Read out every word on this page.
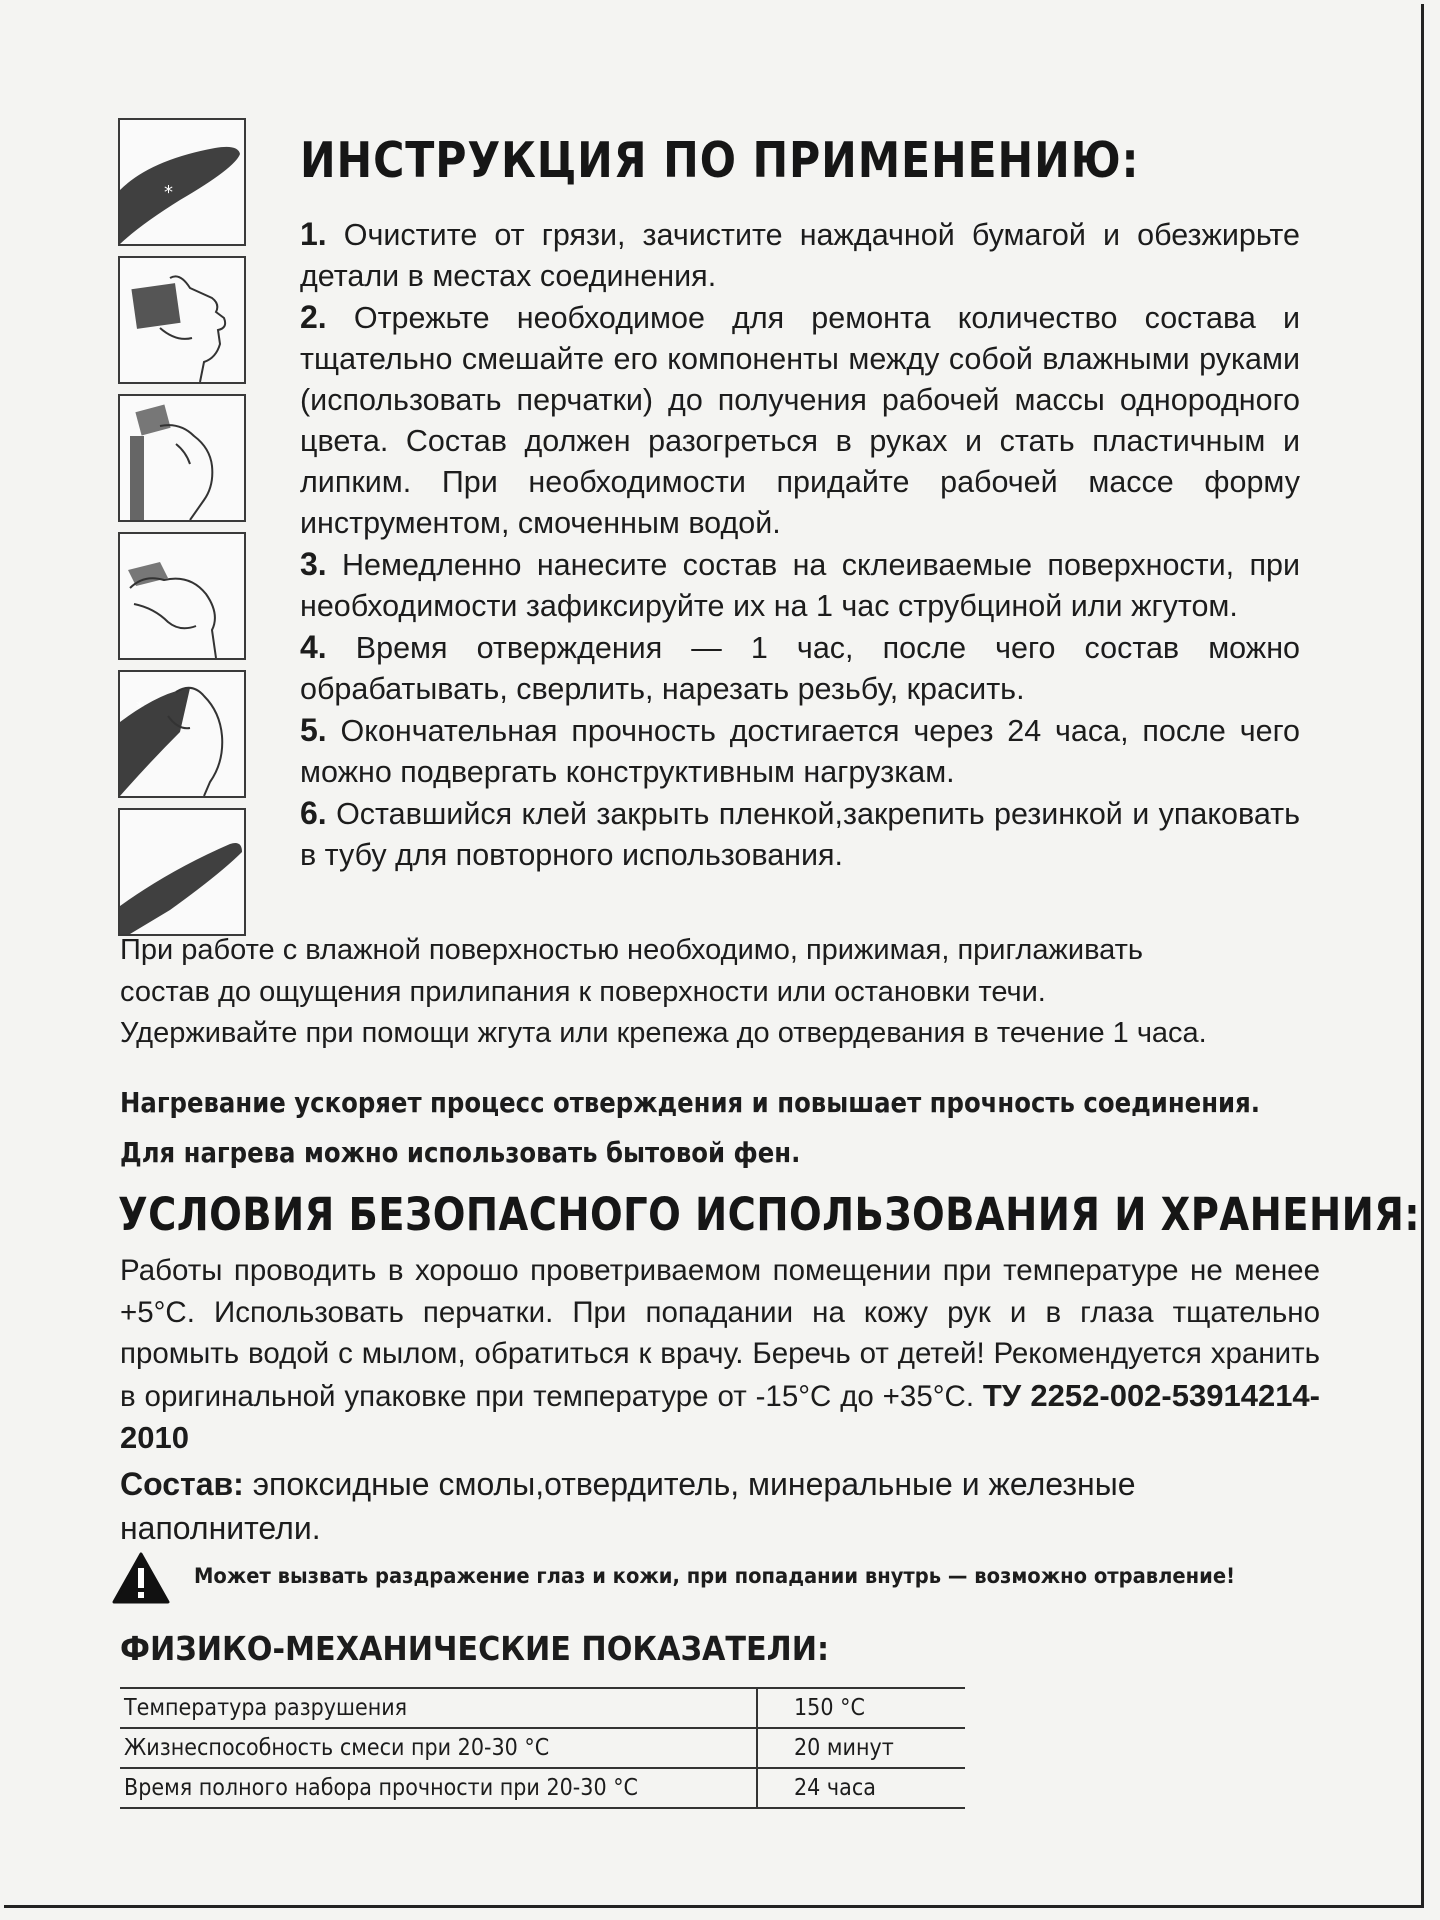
*
*
ИНСТРУКЦИЯ ПО ПРИМЕНЕНИЮ:

1. Очистите от грязи, зачистите наждачной бумагой и обезжирьте детали в местах соединения.

2. Отрежьте необходимое для ремонта количество состава и тщательно смешайте его компоненты между собой влажными руками (использовать перчатки) до получения рабочей массы однородного цвета. Состав должен разогреться в руках и стать пластичным и липким. При необходимости придайте рабочей массе форму инструментом, смоченным водой.

3. Немедленно нанесите состав на склеиваемые поверхности, при необходимости зафиксируйте их на 1 час струбциной или жгутом.

4. Время отверждения — 1 час, после чего состав можно обрабатывать, сверлить, нарезать резьбу, красить.

5. Окончательная прочность достигается через 24 часа, после чего можно подвергать конструктивным нагрузкам.

6. Оставшийся клей закрыть пленкой,закрепить резинкой и упаковать в тубу для повторного использования.

При работе с влажной поверхностью необходимо, прижимая, приглаживать

состав до ощущения прилипания к поверхности или остановки течи.

Удерживайте при помощи жгута или крепежа до отвердевания в течение 1 часа.

Нагревание ускоряет процесс отверждения и повышает прочность соединения.

Для нагрева можно использовать бытовой фен.

УСЛОВИЯ БЕЗОПАСНОГО ИСПОЛЬЗОВАНИЯ И ХРАНЕНИЯ:

Работы проводить в хорошо проветриваемом помещении при температуре не менее +5°С. Использовать перчатки. При попадании на кожу рук и в глаза тщательно промыть водой с мылом, обратиться к врачу. Беречь от детей! Рекомендуется хранить в оригинальной упаковке при температуре от -15°С до +35°С. ТУ 2252-002-53914214-2010

Состав: эпоксидные смолы,отвердитель, минеральные и железные наполнители.

Может вызвать раздражение глаз и кожи, при попадании внутрь — возможно отравление!
ФИЗИКО-МЕХАНИЧЕСКИЕ ПОКАЗАТЕЛИ:
Температура разрушения	150 °С
Жизнеспособность смеси при 20-30 °С	20 минут
Время полного набора прочности при 20-30 °С	24 часа
